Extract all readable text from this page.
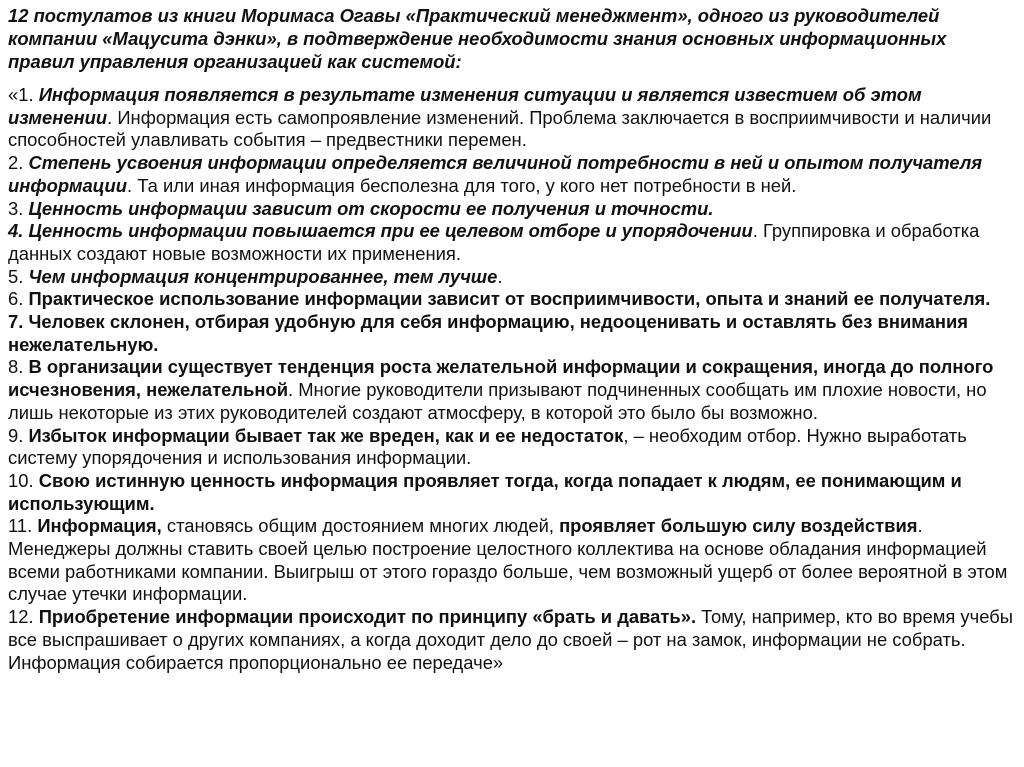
12 постулатов из книги Моримаса Огавы «Практический менеджмент», одного из руководителей компании «Мацусита дэнки», в подтверждение необходимости знания основных информационных правил управления организацией как системой:

«1. Информация появляется в результате изменения ситуации и является известием об этом изменении. Информация есть самопроявление изменений. Проблема заключается в восприимчивости и наличии способностей улавливать события – предвестники перемен.

2. Степень усвоения информации определяется величиной потребности в ней и опытом получателя информации. Та или иная информация бесполезна для того, у кого нет потребности в ней.

3. Ценность информации зависит от скорости ее получения и точности.

4. Ценность информации повышается при ее целевом отборе и упорядочении. Группировка и обработка данных создают новые возможности их применения.

5. Чем информация концентрированнее, тем лучше.

6. Практическое использование информации зависит от восприимчивости, опыта и знаний ее получателя.

7. Человек склонен, отбирая удобную для себя информацию, недооценивать и оставлять без внимания нежелательную.

8. В организации существует тенденция роста желательной информации и сокращения, иногда до полного исчезновения, нежелательной. Многие руководители призывают подчиненных сообщать им плохие новости, но лишь некоторые из этих руководителей создают атмосферу, в которой это было бы возможно.

9. Избыток информации бывает так же вреден, как и ее недостаток, – необходим отбор. Нужно выработать систему упорядочения и использования информации.

10. Свою истинную ценность информация проявляет тогда, когда попадает к людям, ее понимающим и использующим.

11. Информация, становясь общим достоянием многих людей, проявляет большую силу воздействия. Менеджеры должны ставить своей целью построение целостного коллектива на основе обладания информацией всеми работниками компании. Выигрыш от этого гораздо больше, чем возможный ущерб от более вероятной в этом случае утечки информации.

12. Приобретение информации происходит по принципу «брать и давать». Тому, например, кто во время учебы все выспрашивает о других компаниях, а когда доходит дело до своей – рот на замок, информации не собрать. Информация собирается пропорционально ее передаче»
